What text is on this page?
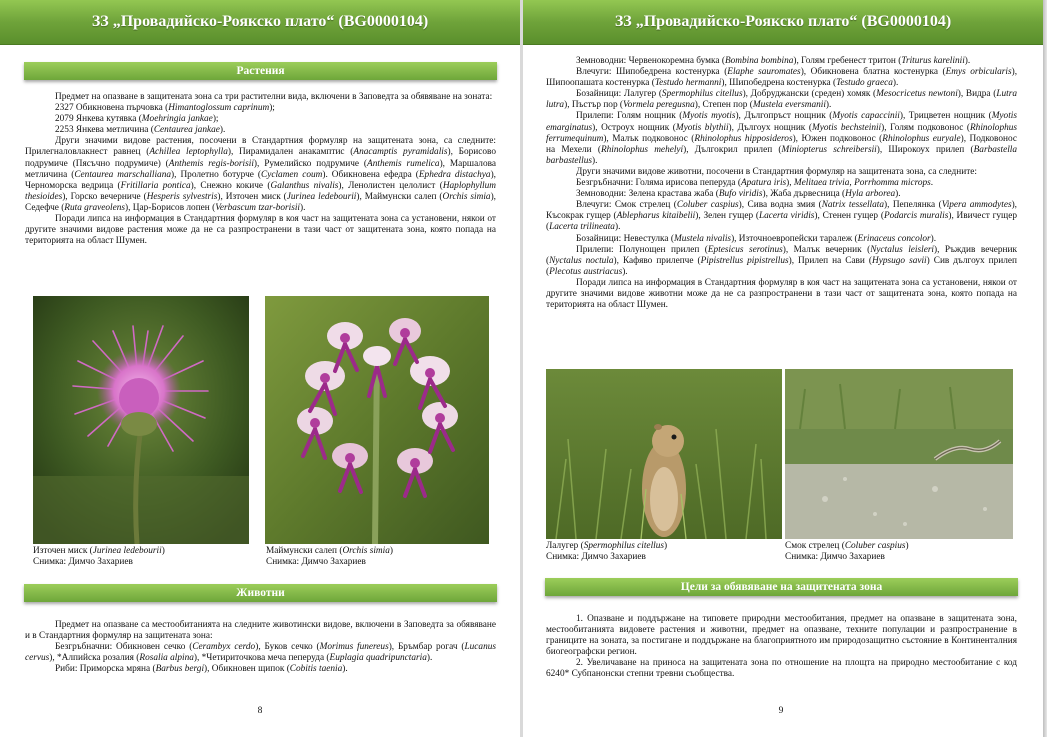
ЗЗ „Провадийско-Роякско плато“ (BG0000104)
Растения

Предмет на опазване в защитената зона са три растителни вида, включени в Заповедта за обявяване на зоната:

2327 Обикновена пърчовка (Himantoglossum caprinum);

2079 Янкева кутявка (Moehringia jankae);

2253 Янкева метличина (Centaurea jankae).

Други значими видове растения, посочени в Стандартния формуляр на защитената зона, са следните: Прилегналовлакнест равнец (Achillea leptophylla), Пирамидален анакамптис (Anacamptis pyramidalis), Борисово подрумиче (Пясъчно подрумиче) (Anthemis regis-borisii), Румелийско подрумиче (Anthemis rumelica), Маршалова метличина (Centaurea marschalliana), Пролетно ботурче (Cyclamen coum). Обикновена ефедра (Ephedra distachya), Черноморска ведрица (Fritillaria pontica), Снежно кокиче (Galanthus nivalis), Ленолистен целолист (Haplophyllum thesioides), Горско вечерниче (Hesperis sylvestris), Източен миск (Jurinea ledebourii), Маймунски салеп (Orchis simia), Седефче (Ruta graveolens), Цар-Борисов лопен (Verbascum tzar-borisii).

Поради липса на информация в Стандартния формуляр в коя част на защитената зона са установени, някои от другите значими видове растения може да не са разпространени в тази част от защитената зона, която попада на територията на област Шумен.

Източен миск (Jurinea ledebourii)
Снимка: Димчо Захариев
Маймунски салеп (Orchis simia)
Снимка: Димчо Захариев
Животни

Предмет на опазване са местообитанията на следните животински видове, включени в Заповедта за обявяване и в Стандартния формуляр на защитената зона:

Безгръбначни: Обикновен сечко (Cerambyx cerdo), Буков сечко (Morimus funereus), Бръмбар рогач (Lucanus cervus), *Алпийска розалия (Rosalia alpina), *Четириточкова меча пеперуда (Euplagia quadripunctaria).

Риби: Приморска мряна (Barbus bergi), Обикновен щипок (Cobitis taenia).

8
ЗЗ „Провадийско-Роякско плато“ (BG0000104)

Земноводни: Червенокоремна бумка (Bombina bombina), Голям гребенест тритон (Triturus karelinii).

Влечуги: Шипобедрена костенурка (Elaphe sauromates), Обикновена блатна костенурка (Emys orbicularis), Шипоопашата костенурка (Testudo hermanni), Шипобедрена костенурка (Testudo graeca).

Бозайници: Лалугер (Spermophilus citellus), Добруджански (среден) хомяк (Mesocricetus newtoni), Видра (Lutra lutra), Пъстър пор (Vormela peregusna), Степен пор (Mustela eversmanii).

Прилепи: Голям нощник (Myotis myotis), Дългопръст нощник (Myotis capaccinii), Трицветен нощник (Myotis emarginatus), Остроух нощник (Myotis blythii), Дългоух нощник (Myotis bechsteinii), Голям подковонос (Rhinolophus ferrumequinum), Малък подковонос (Rhinolophus hipposideros), Южен подковонос (Rhinolophus euryale), Подковонос на Мехели (Rhinolophus mehelyi), Дългокрил прилеп (Miniopterus schreibersii), Широкоух прилеп (Barbastella barbastellus).

Други значими видове животни, посочени в Стандартния формуляр на защитената зона, са следните:

Безгръбначни: Голяма ирисова пеперуда (Apatura iris), Melitaea trivia, Porrhomma microps.

Земноводни: Зелена крастава жаба (Bufo viridis), Жаба дървесница (Hyla arborea).

Влечуги: Смок стрелец (Coluber caspius), Сива водна змия (Natrix tessellata), Пепелянка (Vipera ammodytes), Късокрак гущер (Ablepharus kitaibelii), Зелен гущер (Lacerta viridis), Стенен гущер (Podarcis muralis), Ивичест гущер (Lacerta trilineata).

Бозайници: Невестулка (Mustela nivalis), Източноевропейски таралеж (Erinaceus concolor).

Прилепи: Полунощен прилеп (Eptesicus serotinus), Малък вечерник (Nyctalus leisleri), Ръждив вечерник (Nyctalus noctula), Кафяво прилепче (Pipistrellus pipistrellus), Прилеп на Сави (Hypsugo savii) Сив дългоух прилеп (Plecotus austriacus).

Поради липса на информация в Стандартния формуляр в коя част на защитената зона са установени, някои от другите значими видове животни може да не са разпространени в тази част от защитената зона, която попада на територията на област Шумен.

Лалугер (Spermophilus citellus)
Снимка: Димчо Захариев
Смок стрелец (Coluber caspius)
Снимка: Димчо Захариев
Цели за обявяване на защитената зона

1. Опазване и поддържане на типовете природни местообитания, предмет на опазване в защитената зона, местообитанията видовете растения и животни, предмет на опазване, техните популации и разпространение в границите на зоната, за постигане и поддържане на благоприятното им природозащитно състояние в Континенталния биогеографски регион.

2. Увеличаване на приноса на защитената зона по отношение на площта на природно местообитание с код 6240* Субпанонски степни тревни съобщества.

9
